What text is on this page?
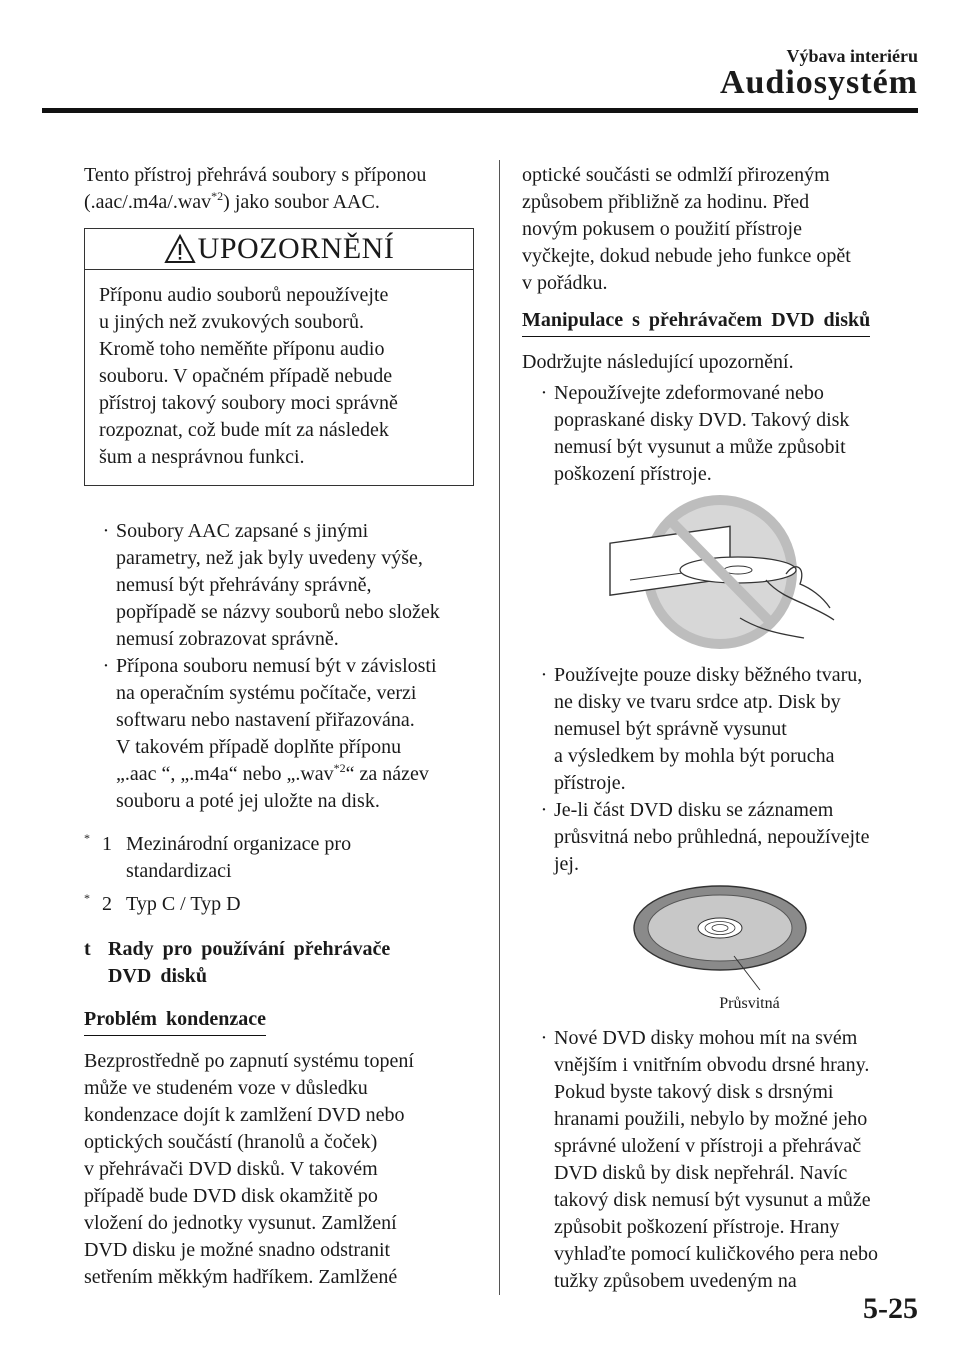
Výbava interiéru
Audiosystém

Tento přístroj přehrává soubory s příponou
(.aac/.m4a/.wav$^{*2}$) jako soubor AAC.

UPOZORNĚNÍ
Příponu audio souborů nepoužívejte
u jiných než zvukových souborů.
Kromě toho neměňte příponu audio
souboru. V opačném případě nebude
přístroj takový soubory moci správně
rozpoznat, což bude mít za následek
šum a nesprávnou funkci.
· Soubory AAC zapsané s jinými
parametry, než jak byly uvedeny výše,
nemusí být přehrávány správně,
popřípadě se názvy souborů nebo složek
nemusí zobrazovat správně.
· Přípona souboru nemusí být v závislosti
na operačním systému počítače, verzi
softwaru nebo nastavení přiřazována.
V takovém případě doplňte příponu
„.aac “, „.m4a“ nebo „.wav$^{*2}$“ za název
souboru a poté jej uložte na disk.
* 1 Mezinárodní organizace pro
standardizaci
* 2 Typ C / Typ D
t Rady pro používání přehrávače
DVD disků
Problém kondenzace

Bezprostředně po zapnutí systému topení
může ve studeném voze v důsledku
kondenzace dojít k zamlžení DVD nebo
optických součástí (hranolů a čoček)
v přehrávači DVD disků. V takovém
případě bude DVD disk okamžitě po
vložení do jednotky vysunut. Zamlžení
DVD disku je možné snadno odstranit
setřením měkkým hadříkem. Zamlžené

optické součásti se odmlží přirozeným
způsobem přibližně za hodinu. Před
novým pokusem o použití přístroje
vyčkejte, dokud nebude jeho funkce opět
v pořádku.

Manipulace s přehrávačem DVD disků

Dodržujte následující upozornění.

· Nepoužívejte zdeformované nebo
popraskané disky DVD. Takový disk
nemusí být vysunut a může způsobit
poškození přístroje.
· Používejte pouze disky běžného tvaru,
ne disky ve tvaru srdce atp. Disk by
nemusel být správně vysunut
a výsledkem by mohla být porucha
přístroje.
· Je-li část DVD disku se záznamem
průsvitná nebo průhledná, nepoužívejte
jej.
Průsvitná
· Nové DVD disky mohou mít na svém
vnějším i vnitřním obvodu drsné hrany.
Pokud byste takový disk s drsnými
hranami použili, nebylo by možné jeho
správné uložení v přístroji a přehrávač
DVD disků by disk nepřehrál. Navíc
takový disk nemusí být vysunut a může
způsobit poškození přístroje. Hrany
vyhlaďte pomocí kuličkového pera nebo
tužky způsobem uvedeným na
5-25
